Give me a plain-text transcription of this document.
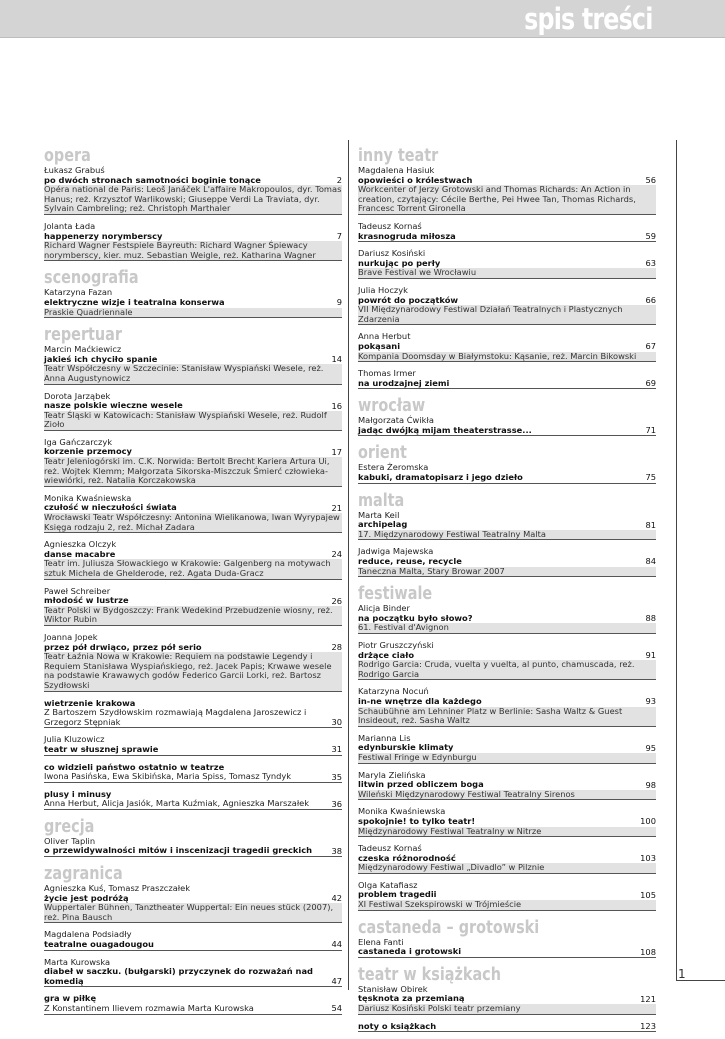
spis treści
1
opera
Łukasz Grabuś
po dwóch stronach samotności boginie tonące
Opéra national de Paris: Leoš Janáček L'affaire Makropoulos, dyr. Tomas Hanus; reż. Krzysztof Warlikowski; Giuseppe Verdi La Traviata, dyr. Sylvain Cambreling; reż. Christoph Marthaler
2
Jolanta Łada
happenerzy norymberscy
Richard Wagner Festspiele Bayreuth: Richard Wagner Śpiewacy norymberscy, kier. muz. Sebastian Weigle, reż. Katharina Wagner
7
scenografia
Katarzyna Fazan
elektryczne wizje i teatralna konserwa
Praskie Quadriennale
9
repertuar
Marcin Maćkiewicz
jakieś ich chyciło spanie
Teatr Współczesny w Szczecinie: Stanisław Wyspiański Wesele, reż. Anna Augustynowicz
14
Dorota Jarząbek
nasze polskie wieczne wesele
Teatr Śląski w Katowicach: Stanisław Wyspiański Wesele, reż. Rudolf Zioło
16
Iga Gańczarczyk
korzenie przemocy
Teatr Jeleniogórski im. C.K. Norwida: Bertolt Brecht Kariera Artura Ui, reż. Wojtek Klemm; Małgorzata Sikorska-Miszczuk Śmierć człowieka-wiewiórki, reż. Natalia Korczakowska
17
Monika Kwaśniewska
czułość w nieczułości świata
Wrocławski Teatr Współczesny: Antonina Wielikanowa, Iwan Wyrypajew Księga rodzaju 2, reż. Michał Zadara
21
Agnieszka Olczyk
danse macabre
Teatr im. Juliusza Słowackiego w Krakowie: Galgenberg na motywach sztuk Michela de Ghelderode, reż. Agata Duda-Gracz
24
Paweł Schreiber
młodość w lustrze
Teatr Polski w Bydgoszczy: Frank Wedekind Przebudzenie wiosny, reż. Wiktor Rubin
26
Joanna Jopek
przez pół drwiąco, przez pół serio
Teatr Łaźnia Nowa w Krakowie: Requiem na podstawie Legendy i Requiem Stanisława Wyspiańskiego, reż. Jacek Papis; Krwawe wesele na podstawie Krawawych godów Federico Garcii Lorki, reż. Bartosz Szydłowski
28
wietrzenie krakowa
Z Bartoszem Szydłowskim rozmawiają Magdalena Jaroszewicz i Grzegorz Stępniak	30
Julia Kluzowicz
teatr w słusznej sprawie	31
co widzieli państwo ostatnio w teatrze
Iwona Pasińska, Ewa Skibińska, Maria Spiss, Tomasz Tyndyk	35
plusy i minusy
Anna Herbut, Alicja Jasiók, Marta Kuźmiak, Agnieszka Marszałek	36
grecja
Oliver Taplin
o przewidywalności mitów i inscenizacji tragedii greckich	38
zagranica
Agnieszka Kuś, Tomasz Praszczałek
życie jest podróżą
Wuppertaler Bühnen, Tanztheater Wuppertal: Ein neues stück (2007), reż. Pina Bausch
42
Magdalena Podsiadły
teatralne ouagadougou	44
Marta Kurowska
diabeł w saczku. (bułgarski) przyczynek do rozważań nad komedią	47
gra w piłkę
Z Konstantinem Ilievem rozmawia Marta Kurowska	54
inny teatr
Magdalena Hasiuk
opowieści o królestwach
Workcenter of Jerzy Grotowski and Thomas Richards: An Action in creation, czytający: Cécile Berthe, Pei Hwee Tan, Thomas Richards, Francesc Torrent Gironella
56
Tadeusz Kornaś
krasnogruda miłosza	59
Dariusz Kosiński
nurkując po perły
Brave Festival we Wrocławiu
63
Julia Hoczyk
powrót do początków
VII Międzynarodowy Festiwal Działań Teatralnych i Plastycznych Zdarzenia
66
Anna Herbut
pokąsani
Kompania Doomsday w Białymstoku: Kąsanie, reż. Marcin Bikowski
67
Thomas Irmer
na urodzajnej ziemi	69
wrocław
Małgorzata Ćwikła
jadąc dwójką mijam theaterstrasse...	71
orient
Estera Żeromska
kabuki, dramatopisarz i jego dzieło	75
malta
Marta Keil
archipelag
17. Międzynarodowy Festiwal Teatralny Malta
81
Jadwiga Majewska
reduce, reuse, recycle
Taneczna Malta, Stary Browar 2007
84
festiwale
Alicja Binder
na początku było słowo?
61. Festival d'Avignon
88
Piotr Gruszczyński
drżące ciało
Rodrigo Garcia: Cruda, vuelta y vuelta, al punto, chamuscada, reż. Rodrigo Garcia
91
Katarzyna Nocuń
in-ne wnętrze dla każdego
Schaubühne am Lehniner Platz w Berlinie: Sasha Waltz & Guest Insideout, reż. Sasha Waltz
93
Marianna Lis
edynburskie klimaty
Festiwal Fringe w Edynburgu
95
Maryla Zielińska
litwin przed obliczem boga
Wileński Międzynarodowy Festiwal Teatralny Sirenos
98
Monika Kwaśniewska
spokojnie! to tylko teatr!
Międzynarodowy Festiwal Teatralny w Nitrze
100
Tadeusz Kornaś
czeska różnorodność
Międzynarodowy Festiwal „Divadlo” w Pilznie
103
Olga Katafiasz
problem tragedii
XI Festiwal Szekspirowski w Trójmieście
105
castaneda – grotowski
Elena Fanti
castaneda i grotowski	108
teatr w książkach
Stanisław Obirek
tęsknota za przemianą
Dariusz Kosiński Polski teatr przemiany
121
noty o książkach	123
